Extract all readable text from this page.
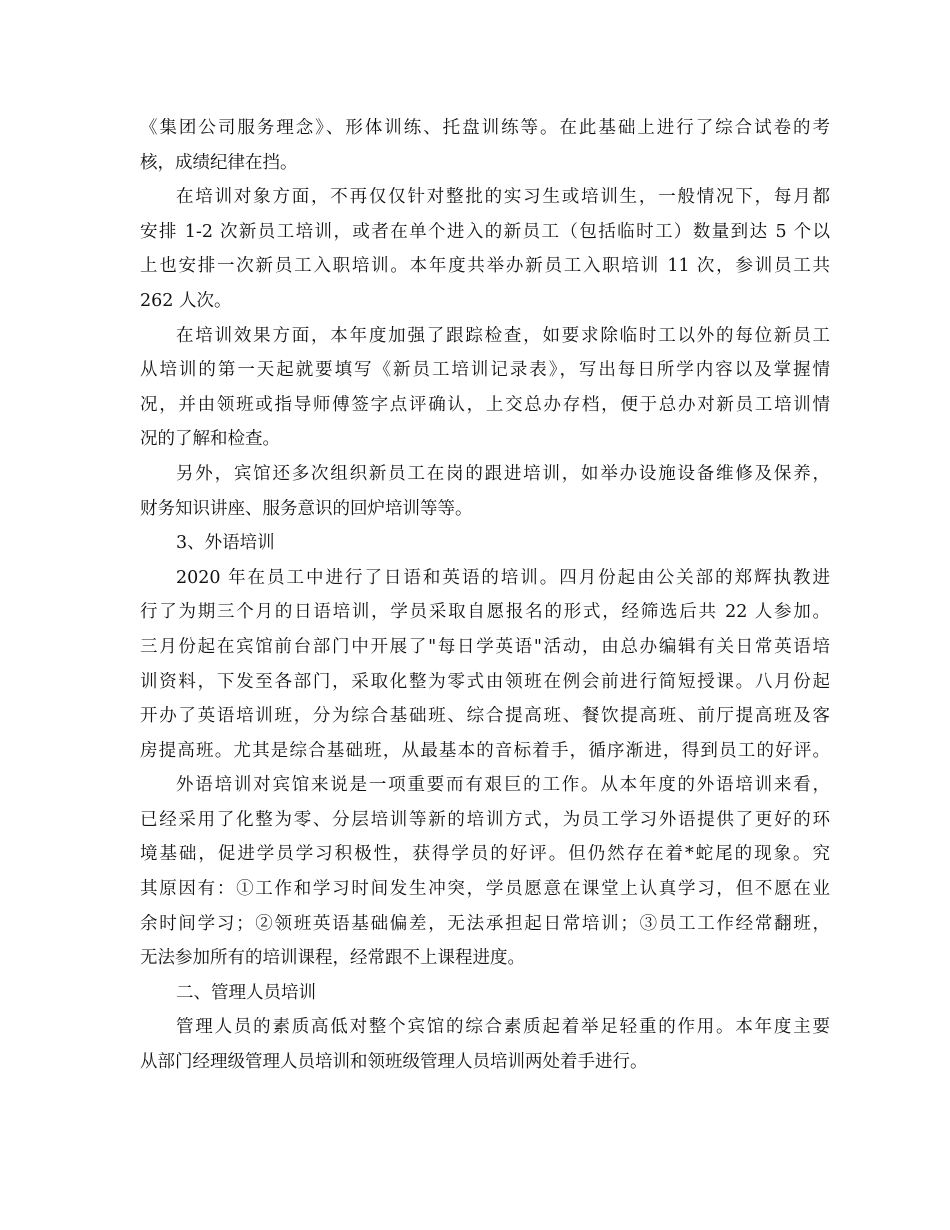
《集团公司服务理念》、形体训练、托盘训练等。在此基础上进行了综合试卷的考
核，成绩纪律在挡。
在培训对象方面，不再仅仅针对整批的实习生或培训生，一般情况下，每月都
安排 1-2 次新员工培训，或者在单个进入的新员工（包括临时工）数量到达 5 个以
上也安排一次新员工入职培训。本年度共举办新员工入职培训 11 次，参训员工共
262 人次。
在培训效果方面，本年度加强了跟踪检查，如要求除临时工以外的每位新员工
从培训的第一天起就要填写《新员工培训记录表》，写出每日所学内容以及掌握情
况，并由领班或指导师傅签字点评确认，上交总办存档，便于总办对新员工培训情
况的了解和检查。
另外，宾馆还多次组织新员工在岗的跟进培训，如举办设施设备维修及保养，
财务知识讲座、服务意识的回炉培训等等。
3、外语培训
2020 年在员工中进行了日语和英语的培训。四月份起由公关部的郑辉执教进
行了为期三个月的日语培训，学员采取自愿报名的形式，经筛选后共 22 人参加。
三月份起在宾馆前台部门中开展了"每日学英语"活动，由总办编辑有关日常英语培
训资料，下发至各部门，采取化整为零式由领班在例会前进行简短授课。八月份起
开办了英语培训班，分为综合基础班、综合提高班、餐饮提高班、前厅提高班及客
房提高班。尤其是综合基础班，从最基本的音标着手，循序渐进，得到员工的好评。
外语培训对宾馆来说是一项重要而有艰巨的工作。从本年度的外语培训来看，
已经采用了化整为零、分层培训等新的培训方式，为员工学习外语提供了更好的环
境基础，促进学员学习积极性，获得学员的好评。但仍然存在着*蛇尾的现象。究
其原因有：①工作和学习时间发生冲突，学员愿意在课堂上认真学习，但不愿在业
余时间学习；②领班英语基础偏差，无法承担起日常培训；③员工工作经常翻班，
无法参加所有的培训课程，经常跟不上课程进度。
二、管理人员培训
管理人员的素质高低对整个宾馆的综合素质起着举足轻重的作用。本年度主要
从部门经理级管理人员培训和领班级管理人员培训两处着手进行。
